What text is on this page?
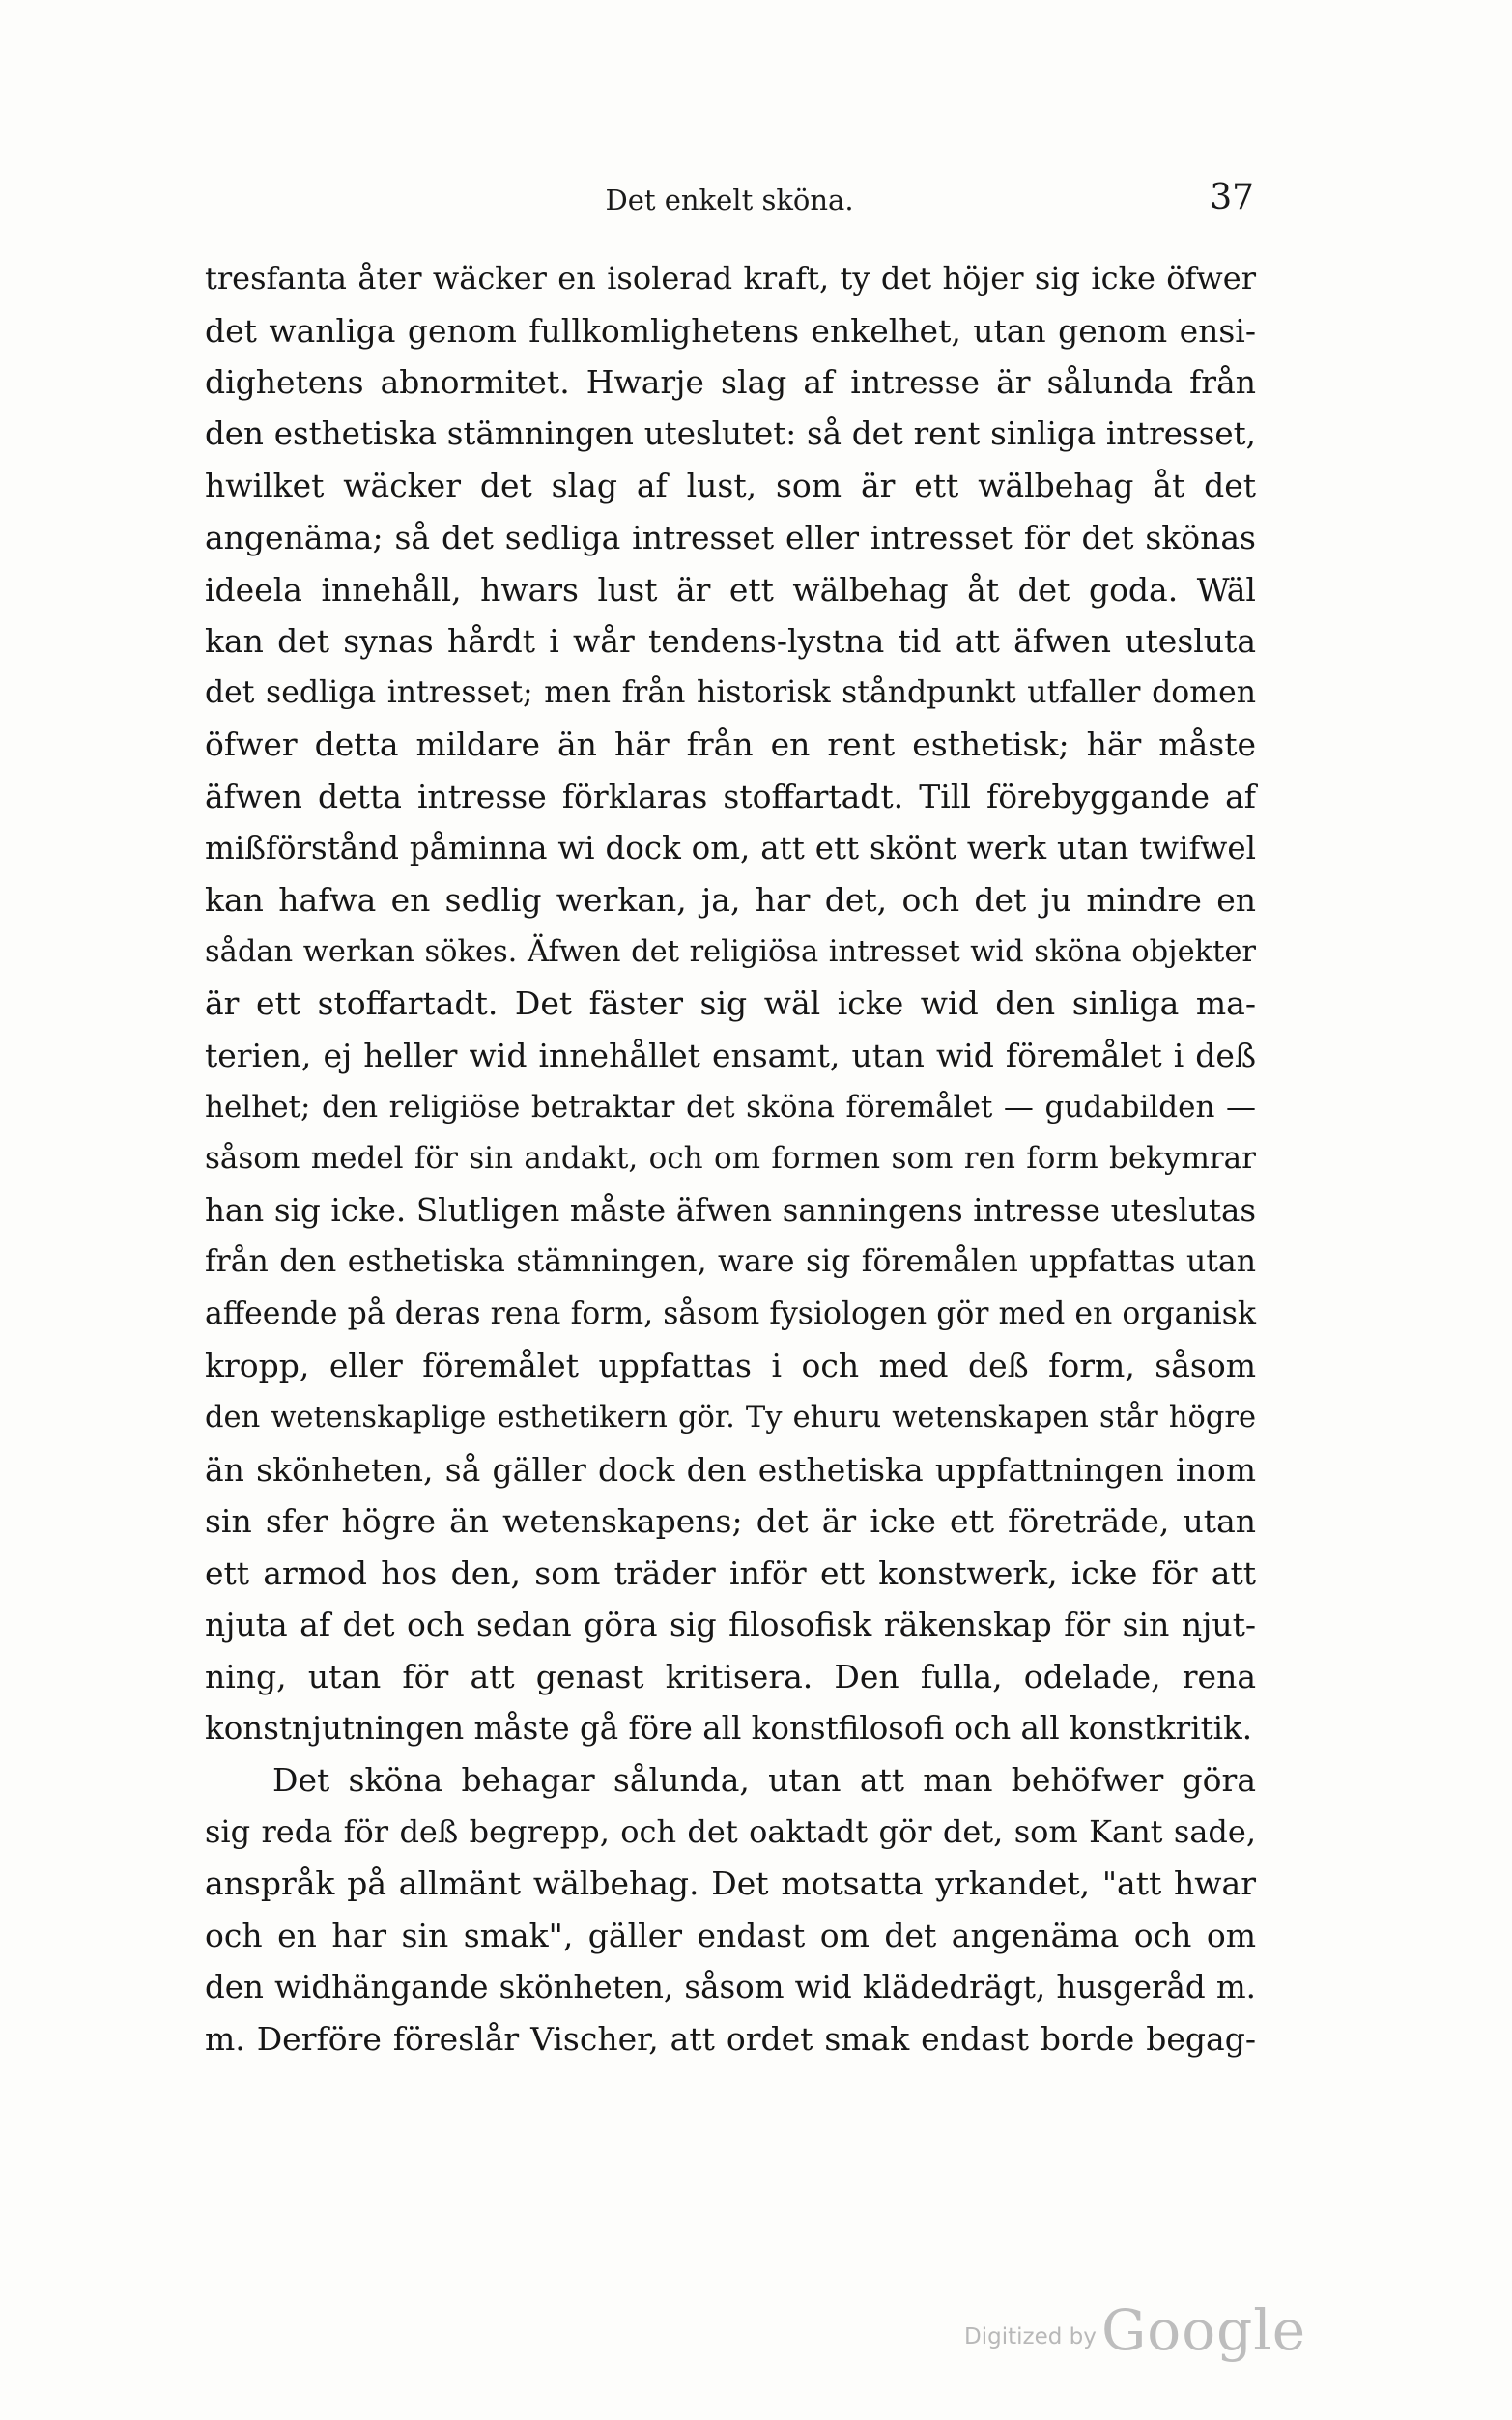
Det enkelt sköna.	37
tresfanta åter wäcker en isolerad kraft, ty det höjer sig icke öfwer
det wanliga genom fullkomlighetens enkelhet, utan genom ensi-
dighetens abnormitet. Hwarje slag af intresse är sålunda från
den esthetiska stämningen uteslutet: så det rent sinliga intresset,
hwilket wäcker det slag af lust, som är ett wälbehag åt det
angenäma; så det sedliga intresset eller intresset för det skönas
ideela innehåll, hwars lust är ett wälbehag åt det goda. Wäl
kan det synas hårdt i wår tendens-lystna tid att äfwen utesluta
det sedliga intresset; men från historisk ståndpunkt utfaller domen
öfwer detta mildare än här från en rent esthetisk; här måste
äfwen detta intresse förklaras stoffartadt. Till förebyggande af
mißförstånd påminna wi dock om, att ett skönt werk utan twifwel
kan hafwa en sedlig werkan, ja, har det, och det ju mindre en
sådan werkan sökes. Äfwen det religiösa intresset wid sköna objekter
är ett stoffartadt. Det fäster sig wäl icke wid den sinliga ma-
terien, ej heller wid innehållet ensamt, utan wid föremålet i deß
helhet; den religiöse betraktar det sköna föremålet — gudabilden —
såsom medel för sin andakt, och om formen som ren form bekymrar
han sig icke. Slutligen måste äfwen sanningens intresse uteslutas
från den esthetiska stämningen, ware sig föremålen uppfattas utan
affeende på deras rena form, såsom fysiologen gör med en organisk
kropp, eller föremålet uppfattas i och med deß form, såsom
den wetenskaplige esthetikern gör. Ty ehuru wetenskapen står högre
än skönheten, så gäller dock den esthetiska uppfattningen inom
sin sfer högre än wetenskapens; det är icke ett företräde, utan
ett armod hos den, som träder inför ett konstwerk, icke för att
njuta af det och sedan göra sig filosofisk räkenskap för sin njut-
ning, utan för att genast kritisera. Den fulla, odelade, rena
konstnjutningen måste gå före all konstfilosofi och all konstkritik.
Det sköna behagar sålunda, utan att man behöfwer göra
sig reda för deß begrepp, och det oaktadt gör det, som Kant sade,
anspråk på allmänt wälbehag. Det motsatta yrkandet, "att hwar
och en har sin smak", gäller endast om det angenäma och om
den widhängande skönheten, såsom wid klädedrägt, husgeråd m.
m. Derföre föreslår Vischer, att ordet smak endast borde begag-
Digitized by Google
